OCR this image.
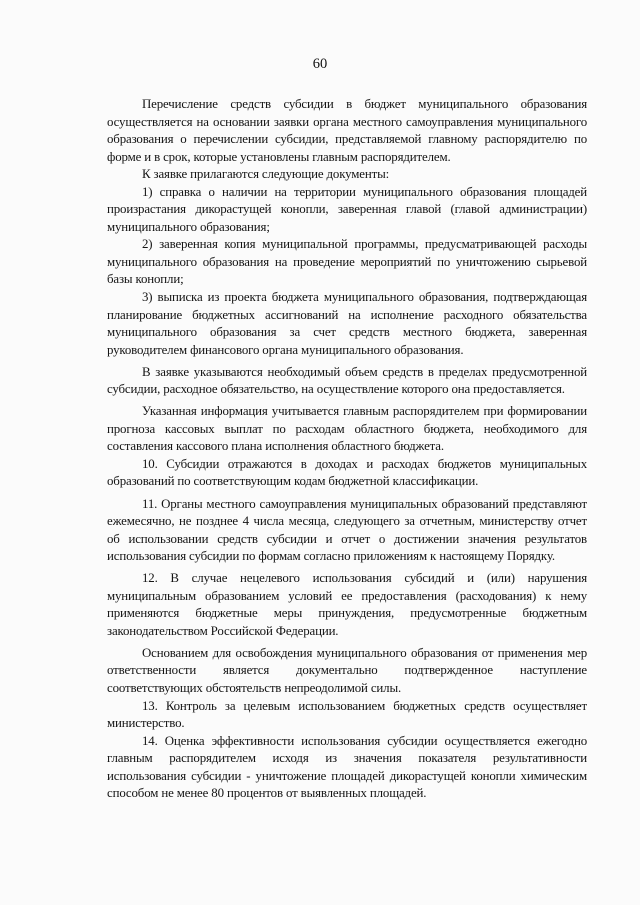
60

Перечисление средств субсидии в бюджет муниципального образования осуществляется на основании заявки органа местного самоуправления муниципального образования о перечислении субсидии, представляемой главному распорядителю по форме и в срок, которые установлены главным распорядителем.

К заявке прилагаются следующие документы:

1) справка о наличии на территории муниципального образования площадей произрастания дикорастущей конопли, заверенная главой (главой администрации) муниципального образования;

2) заверенная копия муниципальной программы, предусматривающей расходы муниципального образования на проведение мероприятий по уничтожению сырьевой базы конопли;

3) выписка из проекта бюджета муниципального образования, подтверждающая планирование бюджетных ассигнований на исполнение расходного обязательства муниципального образования за счет средств местного бюджета, заверенная руководителем финансового органа муниципального образования.

В заявке указываются необходимый объем средств в пределах предусмотренной субсидии, расходное обязательство, на осуществление которого она предоставляется.

Указанная информация учитывается главным распорядителем при формировании прогноза кассовых выплат по расходам областного бюджета, необходимого для составления кассового плана исполнения областного бюджета.

10. Субсидии отражаются в доходах и расходах бюджетов муниципальных образований по соответствующим кодам бюджетной классификации.

11. Органы местного самоуправления муниципальных образований представляют ежемесячно, не позднее 4 числа месяца, следующего за отчетным, министерству отчет об использовании средств субсидии и отчет о достижении значения результатов использования субсидии по формам согласно приложениям к настоящему Порядку.

12. В случае нецелевого использования субсидий и (или) нарушения муниципальным образованием условий ее предоставления (расходования) к нему применяются бюджетные меры принуждения, предусмотренные бюджетным законодательством Российской Федерации.

Основанием для освобождения муниципального образования от применения мер ответственности является документально подтвержденное наступление соответствующих обстоятельств непреодолимой силы.

13. Контроль за целевым использованием бюджетных средств осуществляет министерство.

14. Оценка эффективности использования субсидии осуществляется ежегодно главным распорядителем исходя из значения показателя результативности использования субсидии - уничтожение площадей дикорастущей конопли химическим способом не менее 80 процентов от выявленных площадей.
